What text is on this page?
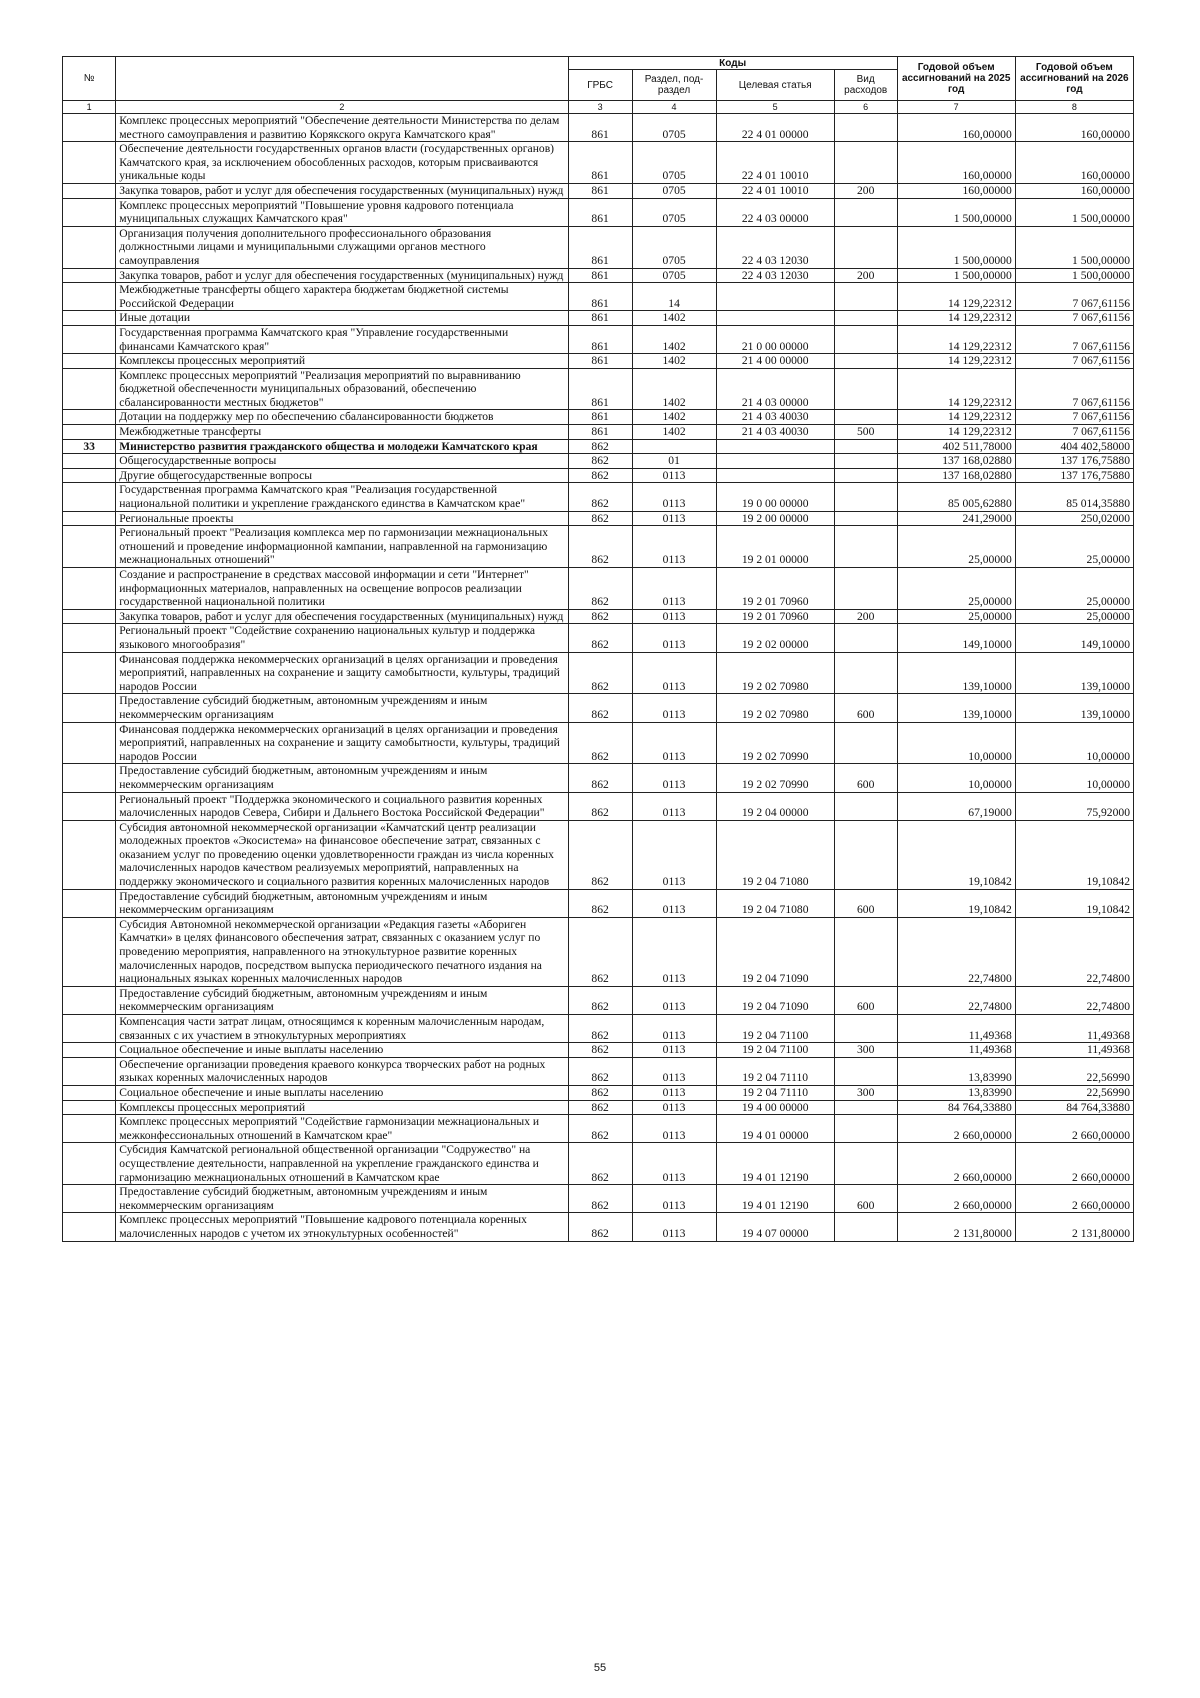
№		Коды				Годовой объем ассигнований на 2025 год	Годовой объем ассигнований на 2026 год
		ГРБС	Раздел, под-раздел	Целевая статья	Вид расходов		
1	2	3	4	5	6	7	8
	Комплекс процессных мероприятий "Обеспечение деятельности Министерства по делам местного самоуправления и развитию Корякского округа Камчатского края"	861	0705	22 4 01 00000		160,00000	160,00000
	Обеспечение деятельности государственных органов власти (государственных органов) Камчатского края, за исключением обособленных расходов, которым присваиваются уникальные коды	861	0705	22 4 01 10010		160,00000	160,00000
	Закупка товаров, работ и услуг для обеспечения государственных (муниципальных) нужд	861	0705	22 4 01 10010	200	160,00000	160,00000
	Комплекс процессных мероприятий "Повышение уровня кадрового потенциала муниципальных служащих Камчатского края"	861	0705	22 4 03 00000		1 500,00000	1 500,00000
	Организация получения дополнительного профессионального образования должностными лицами и муниципальными служащими органов местного самоуправления	861	0705	22 4 03 12030		1 500,00000	1 500,00000
	Закупка товаров, работ и услуг для обеспечения государственных (муниципальных) нужд	861	0705	22 4 03 12030	200	1 500,00000	1 500,00000
	Межбюджетные трансферты общего характера бюджетам бюджетной системы Российской Федерации	861	14			14 129,22312	7 067,61156
	Иные дотации	861	1402			14 129,22312	7 067,61156
	Государственная программа Камчатского края "Управление государственными финансами Камчатского края"	861	1402	21 0 00 00000		14 129,22312	7 067,61156
	Комплексы процессных мероприятий	861	1402	21 4 00 00000		14 129,22312	7 067,61156
	Комплекс процессных мероприятий "Реализация мероприятий по выравниванию бюджетной обеспеченности муниципальных образований, обеспечению сбалансированности местных бюджетов"	861	1402	21 4 03 00000		14 129,22312	7 067,61156
	Дотации на поддержку мер по обеспечению сбалансированности бюджетов	861	1402	21 4 03 40030		14 129,22312	7 067,61156
	Межбюджетные трансферты	861	1402	21 4 03 40030	500	14 129,22312	7 067,61156
33	Министерство развития гражданского общества и молодежи Камчатского края	862				402 511,78000	404 402,58000
	Общегосударственные вопросы	862	01			137 168,02880	137 176,75880
	Другие общегосударственные вопросы	862	0113			137 168,02880	137 176,75880
	Государственная программа Камчатского края "Реализация государственной национальной политики и укрепление гражданского единства в Камчатском крае"	862	0113	19 0 00 00000		85 005,62880	85 014,35880
	Региональные проекты	862	0113	19 2 00 00000		241,29000	250,02000
	Региональный проект "Реализация комплекса мер по гармонизации межнациональных отношений и проведение информационной кампании, направленной на гармонизацию межнациональных отношений"	862	0113	19 2 01 00000		25,00000	25,00000
	Создание и распространение в средствах массовой информации и сети "Интернет" информационных материалов, направленных на освещение вопросов реализации государственной национальной политики	862	0113	19 2 01 70960		25,00000	25,00000
	Закупка товаров, работ и услуг для обеспечения государственных (муниципальных) нужд	862	0113	19 2 01 70960	200	25,00000	25,00000
	Региональный проект "Содействие сохранению национальных культур и поддержка языкового многообразия"	862	0113	19 2 02 00000		149,10000	149,10000
	Финансовая поддержка некоммерческих организаций в целях организации и проведения мероприятий, направленных на сохранение и защиту самобытности, культуры, традиций народов России	862	0113	19 2 02 70980		139,10000	139,10000
	Предоставление субсидий бюджетным, автономным учреждениям и иным некоммерческим организациям	862	0113	19 2 02 70980	600	139,10000	139,10000
	Финансовая поддержка некоммерческих организаций в целях организации и проведения мероприятий, направленных на сохранение и защиту самобытности, культуры, традиций народов России	862	0113	19 2 02 70990		10,00000	10,00000
	Предоставление субсидий бюджетным, автономным учреждениям и иным некоммерческим организациям	862	0113	19 2 02 70990	600	10,00000	10,00000
	Региональный проект "Поддержка экономического и социального развития коренных малочисленных народов Севера, Сибири и Дальнего Востока Российской Федерации"	862	0113	19 2 04 00000		67,19000	75,92000
	Субсидия автономной некоммерческой организации «Камчатский центр реализации молодежных проектов «Экосистема» на финансовое обеспечение затрат, связанных с оказанием услуг по проведению оценки удовлетворенности граждан из числа коренных малочисленных народов качеством реализуемых мероприятий, направленных на поддержку экономического и социального развития коренных малочисленных народов	862	0113	19 2 04 71080		19,10842	19,10842
	Предоставление субсидий бюджетным, автономным учреждениям и иным некоммерческим организациям	862	0113	19 2 04 71080	600	19,10842	19,10842
	Субсидия Автономной некоммерческой организации «Редакция газеты «Абориген Камчатки» в целях финансового обеспечения затрат, связанных с оказанием услуг по проведению мероприятия, направленного на этнокультурное развитие коренных малочисленных народов, посредством выпуска периодического печатного издания на национальных языках коренных малочисленных народов	862	0113	19 2 04 71090		22,74800	22,74800
	Предоставление субсидий бюджетным, автономным учреждениям и иным некоммерческим организациям	862	0113	19 2 04 71090	600	22,74800	22,74800
	Компенсация части затрат лицам, относящимся к коренным малочисленным народам, связанных с их участием в этнокультурных мероприятиях	862	0113	19 2 04 71100		11,49368	11,49368
	Социальное обеспечение и иные выплаты населению	862	0113	19 2 04 71100	300	11,49368	11,49368
	Обеспечение организации проведения краевого конкурса творческих работ на родных языках коренных малочисленных народов	862	0113	19 2 04 71110		13,83990	22,56990
	Социальное обеспечение и иные выплаты населению	862	0113	19 2 04 71110	300	13,83990	22,56990
	Комплексы процессных мероприятий	862	0113	19 4 00 00000		84 764,33880	84 764,33880
	Комплекс процессных мероприятий "Содействие гармонизации межнациональных и межконфессиональных отношений в Камчатском крае"	862	0113	19 4 01 00000		2 660,00000	2 660,00000
	Субсидия Камчатской региональной общественной организации "Содружество" на осуществление деятельности, направленной на укрепление гражданского единства и гармонизацию межнациональных отношений в Камчатском крае	862	0113	19 4 01 12190		2 660,00000	2 660,00000
	Предоставление субсидий бюджетным, автономным учреждениям и иным некоммерческим организациям	862	0113	19 4 01 12190	600	2 660,00000	2 660,00000
	Комплекс процессных мероприятий "Повышение кадрового потенциала коренных малочисленных народов с учетом их этнокультурных особенностей"	862	0113	19 4 07 00000		2 131,80000	2 131,80000
55
